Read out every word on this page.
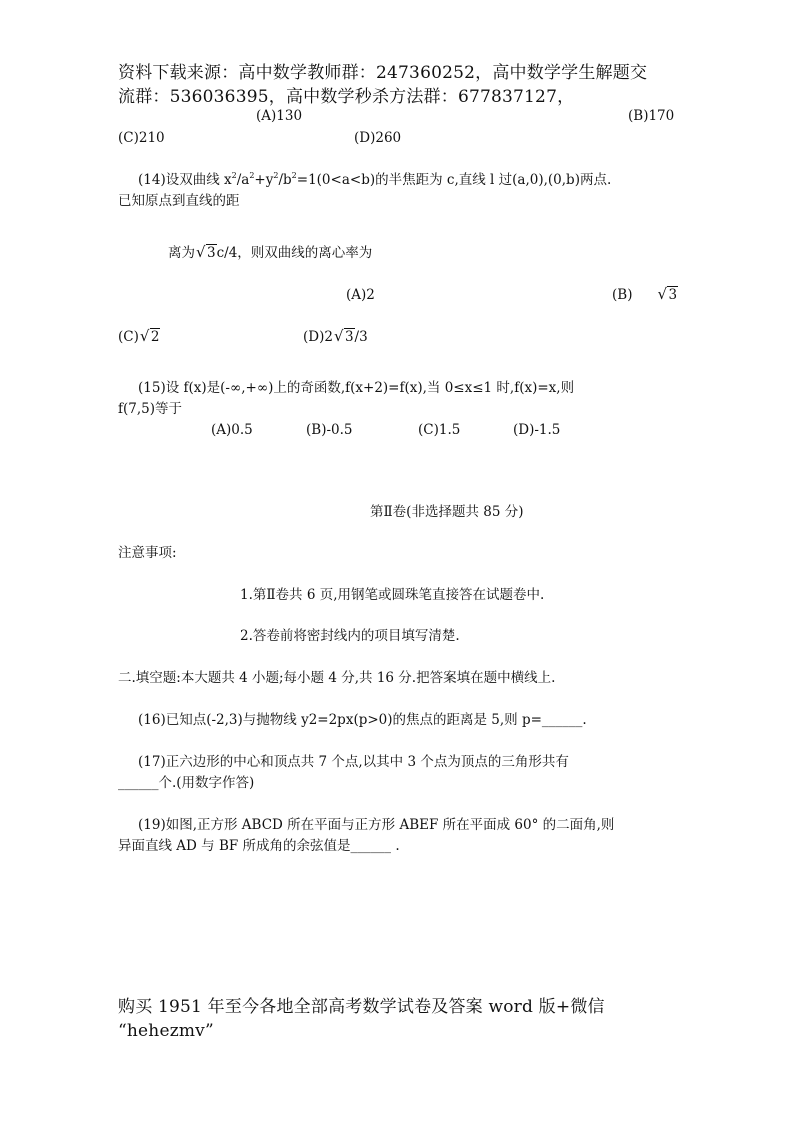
资料下载来源：高中数学教师群：247360252，高中数学学生解题交
流群：536036395，高中数学秒杀方法群：677837127，
(A)130	(B)170
(C)210	(D)260
(14)设双曲线 $x^2/a^2+y^2/b^2=1(0<a<b)$的半焦距为 c,直线 l 过(a,0),(0,b)两点.
已知原点到直线的距
离为 √ 3c/4，则双曲线的离心率为
(A)2	(B)	√ 3
(C) √ 2	(D)2 √ 3/3
(15)设 f(x)是(-∞,+∞)上的奇函数,f(x+2)=f(x),当 0≤x≤1 时,f(x)=x,则
f(7,5)等于
(A)0.5	(B)-0.5	(C)1.5	(D)-1.5
第Ⅱ卷(非选择题共 85 分)
注意事项:
1.第Ⅱ卷共 6 页,用钢笔或圆珠笔直接答在试题卷中.
2.答卷前将密封线内的项目填写清楚.
二.填空题:本大题共 4 小题;每小题 4 分,共 16 分.把答案填在题中横线上.
(16)已知点(-2,3)与抛物线 y2=2px(p>0)的焦点的距离是 5,则 p=______.
(17)正六边形的中心和顶点共 7 个点,以其中 3 个点为顶点的三角形共有
______个.(用数字作答)
(19)如图,正方形 ABCD 所在平面与正方形 ABEF 所在平面成 60° 的二面角,则
异面直线 AD 与 BF 所成角的余弦值是______ .
购买 1951 年至今各地全部高考数学试卷及答案 word 版+微信
“hehezmv”
